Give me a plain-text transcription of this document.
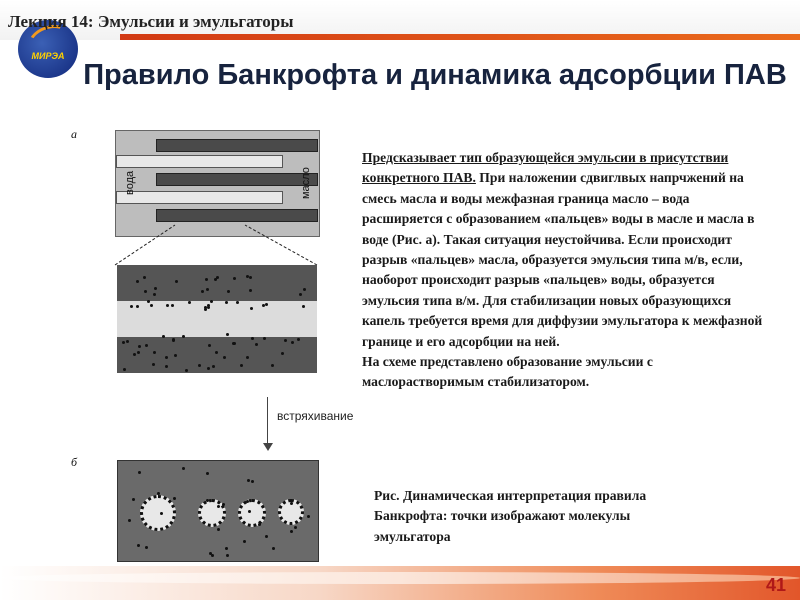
МИРЭА
Лекция 14: Эмульсии и эмульгаторы
Правило Банкрофта и динамика адсорбции ПАВ
а
вода	масло
встряхивание
б
Предсказывает тип образующейся эмульсии в присутствии конкретного ПАВ. При наложении сдвиглвых напрчжений на смесь масла и воды межфазная граница масло – вода расширяется с образованием «пальцев» воды в масле и масла в воде (Рис. а). Такая ситуация неустойчива. Если происходит разрыв «пальцев» масла, образуется эмульсия типа м/в, если, наоборот происходит разрыв «пальцев» воды, образуется эмульсия типа в/м. Для стабилизации новых образующихся капель требуется время для диффузии эмульгатора к межфазной границе и его адсорбции на ней.
На схеме представлено образование эмульсии с маслорастворимым стабилизатором.
Рис. Динамическая интерпретация правила Банкрофта: точки изображают молекулы эмульгатора
41
